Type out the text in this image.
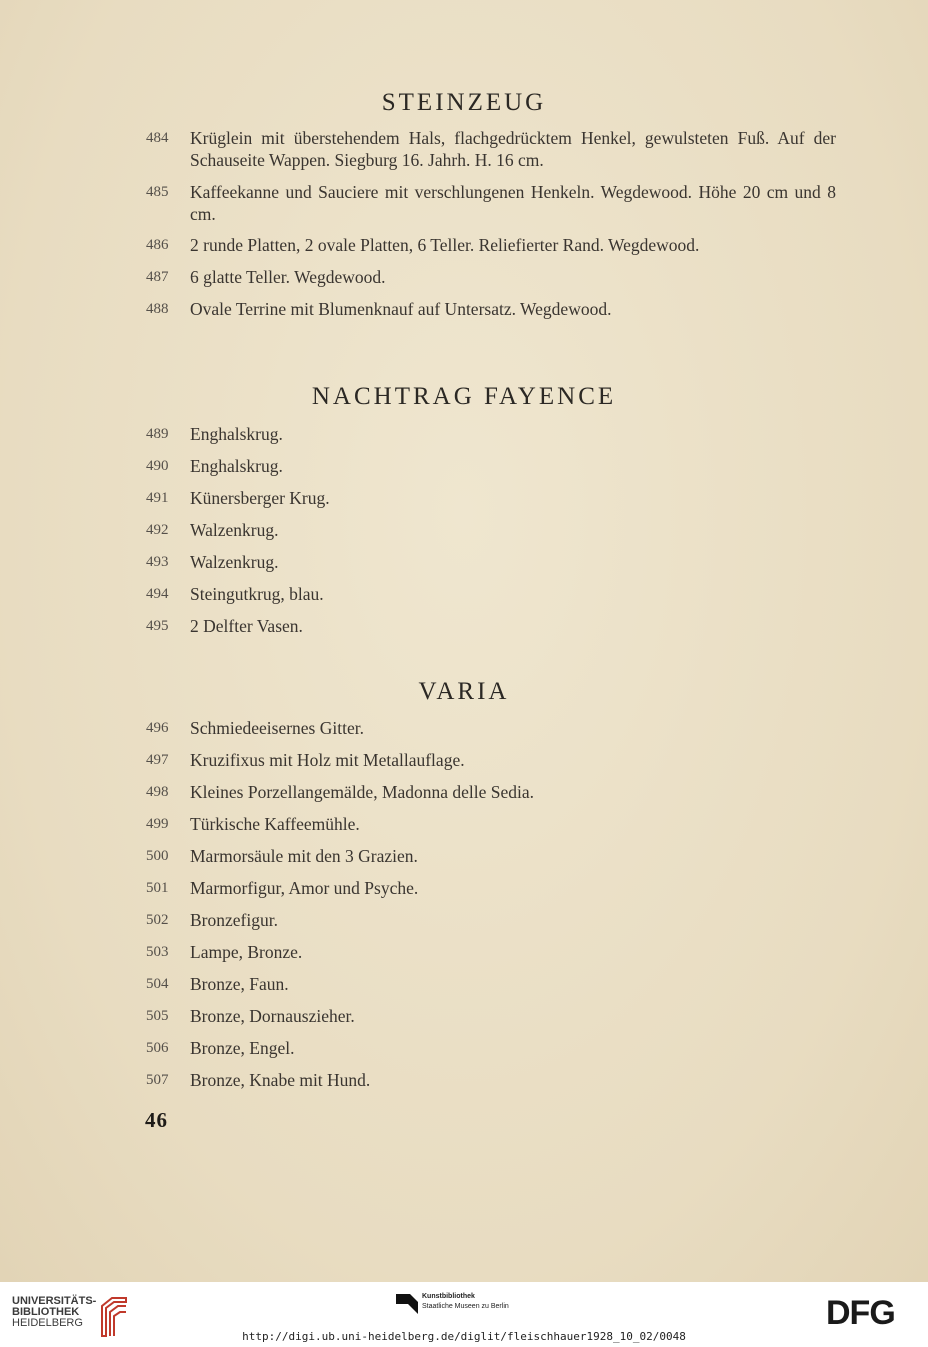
STEINZEUG
484	Krüglein mit überstehendem Hals, flachgedrücktem Henkel, gewulsteten Fuß. Auf der Schauseite Wappen. Siegburg 16. Jahrh. H. 16 cm.
485	Kaffeekanne und Sauciere mit verschlungenen Henkeln. Wegdewood. Höhe 20 cm und 8 cm.
486	2 runde Platten, 2 ovale Platten, 6 Teller. Reliefierter Rand. Wegdewood.
487	6 glatte Teller. Wegdewood.
488	Ovale Terrine mit Blumenknauf auf Untersatz. Wegdewood.
NACHTRAG FAYENCE
489	Enghalskrug.
490	Enghalskrug.
491	Künersberger Krug.
492	Walzenkrug.
493	Walzenkrug.
494	Steingutkrug, blau.
495	2 Delfter Vasen.
VARIA
496	Schmiedeeisernes Gitter.
497	Kruzifixus mit Holz mit Metallauflage.
498	Kleines Porzellangemälde, Madonna delle Sedia.
499	Türkische Kaffeemühle.
500	Marmorsäule mit den 3 Grazien.
501	Marmorfigur, Amor und Psyche.
502	Bronzefigur.
503	Lampe, Bronze.
504	Bronze, Faun.
505	Bronze, Dornauszieher.
506	Bronze, Engel.
507	Bronze, Knabe mit Hund.
46
UNIVERSITÄTS-
BIBLIOTHEK
HEIDELBERG
Kunstbibliothek
Staatliche Museen zu Berlin	DFG
http://digi.ub.uni-heidelberg.de/diglit/fleischhauer1928_10_02/0048
